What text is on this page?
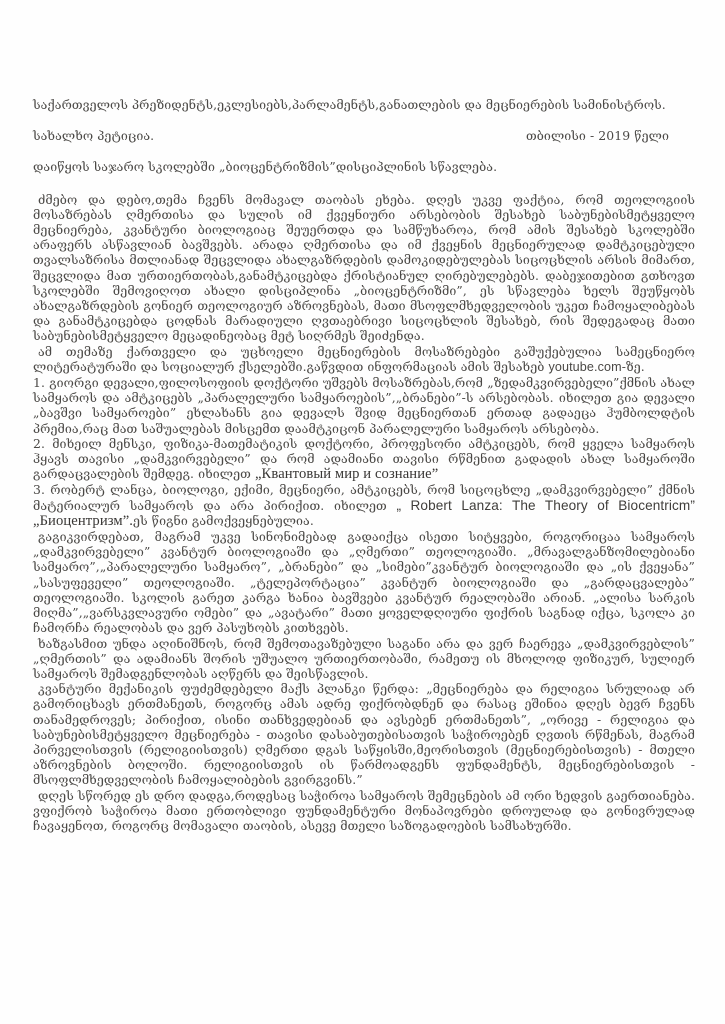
საქართველოს პრეზიდენტს,ეკლესიებს,პარლამენტს,განათლების და მეცნიერების სამინისტროს.
სახალხო პეტიცია.	თბილისი - 2019 წელი
დაიწყოს საჯარო სკოლებში „ბიოცენტრიზმის”დისციპლინის სწავლება.

ძმებო და დებო,თემა ჩვენს მომავალ თაობას ეხება. დღეს უკვე ფაქტია, რომ თეოლოგიის მოსაზრებას ღმერთისა და სულის იმ ქვეყნიური არსებობის შესახებ საბუნებისმეტყველო მეცნიერება, კვანტური ბიოლოგიაც შეუერთდა და სამწუხაროა, რომ ამის შესახებ სკოლებში არაფერს ასწავლიან ბავშვებს. არადა ღმერთისა და იმ ქვეყნის მეცნიერულად დამტკიცებული თვალსაზრისა მთლიანად შეცვლიდა ახალგაზრდების დამოკიდებულებას სიცოცხლის არსის მიმართ, შეცვლიდა მათ ურთიერთობას,განამტკიცებდა ქრისტიანულ ღირებულებებს. დაბეჯითებით გთხოვთ სკოლებში შემოვიღოთ ახალი დისციპლინა „ბიოცენტრიზმი”, ეს სწავლება ხელს შეუწყობს ახალგაზრდების გონიერ თეოლოგიურ აზროვნებას, მათი მსოფლმხედველობის უკეთ ჩამოყალიბებას და განამტკიცებდა ცოდნას მარადიული ღვთაებრივი სიცოცხლის შესახებ, რის შედეგადაც მათი საბუნებისმეტყველო მეცადინეობაც მეტ სიღრმეს შეიძენდა.

ამ თემაზე ქართველი და უცხოელი მეცნიერების მოსაზრებები გაშუქებულია სამეცნიერო ლიტერატურაში და სოციალურ ქსელებში.გაწვდით ინფორმაციას ამის შესახებ youtube.com-ზე.

1. გიორგი დევალი,ფილოსოფიის დოქტორი უშვებს მოსაზრებას,რომ „ზედამკვირვებელი”ქმნის ახალ სამყაროს და ამტკიცებს „პარალელური სამყაროების”,„ბრანები”-ს არსებობას. იხილეთ გია დევალი „ბავშვი სამყაროები” ეხლახანს გია დევალს შვიდ მეცნიერთან ერთად გადაეცა ჰუმბოლდტის პრემია,რაც მათ საშუალებას მისცემთ დაამტკიცონ პარალელური სამყაროს არსებობა.

2. მიხეილ მენსკი, ფიზიკა-მათემატიკის დოქტორი, პროფესორი ამტკიცებს, რომ ყველა სამყაროს ჰყავს თავისი „დამკვირვებელი” და რომ ადამიანი თავისი რწმენით გადადის ახალ სამყაროში გარდაცვალების შემდეგ. იხილეთ „Квантовый мир и сознание”

3. რობერტ ლანცა, ბიოლოგი, ექიმი, მეცნიერი, ამტკიცებს, რომ სიცოცხლე „დამკვირვებელი” ქმნის მატერიალურ სამყაროს და არა პირიქით. იხილეთ „ Robert Lanza: The Theory of Biocentricm” „Биоцентризм”.ეს წიგნი გამოქვეყნებულია.

გაგიკვირდებათ, მაგრამ უკვე სინონიმებად გადაიქცა ისეთი სიტყვები, როგორიცაა სამყაროს „დამკვირვებელი” კვანტურ ბიოლოგიაში და „ღმერთი” თეოლოგიაში. „მრავალგანზომილებიანი სამყარო”,„პარალელური სამყარო”, „ბრანები” და „სიმები”კვანტურ ბიოლოგიაში და „ის ქვეყანა” „სასუფეველი” თეოლოგიაში. „ტელეპორტაცია” კვანტურ ბიოლოგიაში და „გარდაცვალება” თეოლოგიაში. სკოლის გარეთ კარგა ხანია ბავშვები კვანტურ რეალობაში არიან. „ალისა სარკის მიღმა”,„ვარსკვლავური ომები” და „ავატარი” მათი ყოველდღიური ფიქრის საგნად იქცა, სკოლა კი ჩამორჩა რეალობას და ვერ პასუხობს კითხვებს.

ხაზგასმით უნდა აღინიშნოს, რომ შემოთავაზებული საგანი არა და ვერ ჩაერევა „დამკვირვებლის” „ღმერთის” და ადამიანს შორის უშუალო ურთიერთობაში, რამეთუ ის მხოლოდ ფიზიკურ, სულიერ სამყაროს შემადგენლობას აღწერს და შეისწავლის.

კვანტური მექანიკის ფუძემდებელი მაქს პლანკი წერდა: „მეცნიერება და რელიგია სრულიად არ გამორიცხავს ერთმანეთს, როგორც ამას ადრე ფიქრობდნენ და რასაც ეშინია დღეს ბევრ ჩვენს თანამედროვეს; პირიქით, ისინი თანხვედებიან და ავსებენ ერთმანეთს”, „ორივე - რელიგია და საბუნებისმეტყველო მეცნიერება - თავისი დასაბუთებისათვის საჭიროებენ ღვთის რწმენას, მაგრამ პირველისთვის (რელიგიისთვის) ღმერთი დგას საწყისში,მეორისთვის (მეცნიერებისთვის) - მთელი აზროვნების ბოლოში. რელიგიისთვის ის წარმოადგენს ფუნდამენტს, მეცნიერებისთვის - მსოფლმხედველობის ჩამოყალიბების გვირგვინს.”

დღეს სწორედ ეს დრო დადგა,როდესაც საჭიროა სამყაროს შემეცნების ამ ორი ხედვის გაერთიანება. ვფიქრობ საჭიროა მათი ერთობლივი ფუნდამენტური მონაპოვრები დროულად და გონივრულად ჩავაყენოთ, როგორც მომავალი თაობის, ასევე მთელი საზოგადოების სამსახურში.
